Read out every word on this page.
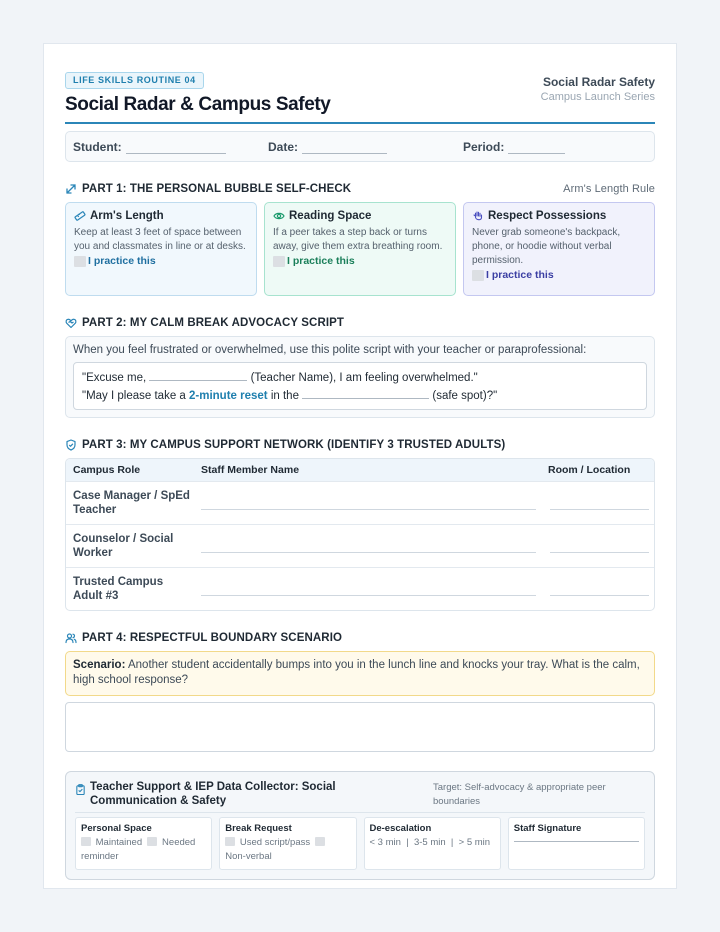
LIFE SKILLS ROUTINE 04
Social Radar & Campus Safety
Social Radar Safety
Campus Launch Series
Student:	Date:	Period:
PART 1: THE PERSONAL BUBBLE SELF-CHECK	Arm's Length Rule
Arm's Length
Keep at least 3 feet of space between you and classmates in line or at desks.
I practice this
Reading Space
If a peer takes a step back or turns away, give them extra breathing room.
I practice this
Respect Possessions
Never grab someone's backpack, phone, or hoodie without verbal permission.
I practice this
PART 2: MY CALM BREAK ADVOCACY SCRIPT
When you feel frustrated or overwhelmed, use this polite script with your teacher or paraprofessional:
"Excuse me,	(Teacher Name), I am feeling overwhelmed."
"May I please take a 2-minute reset in the	(safe spot)?"
PART 3: MY CAMPUS SUPPORT NETWORK (IDENTIFY 3 TRUSTED ADULTS)
Campus Role	Staff Member Name	Room / Location
Case Manager / SpEd Teacher
Counselor / Social Worker
Trusted Campus Adult #3
PART 4: RESPECTFUL BOUNDARY SCENARIO
Scenario: Another student accidentally bumps into you in the lunch line and knocks your tray. What is the calm, high school response?
Teacher Support & IEP Data Collector: Social Communication & Safety
Target: Self-advocacy & appropriate peer boundaries
Personal Space
Maintained Needed reminder
Break Request
Used script/pass   Non-verbal
De-escalation
< 3 min  |  3-5 min  |  > 5 min
Staff Signature
